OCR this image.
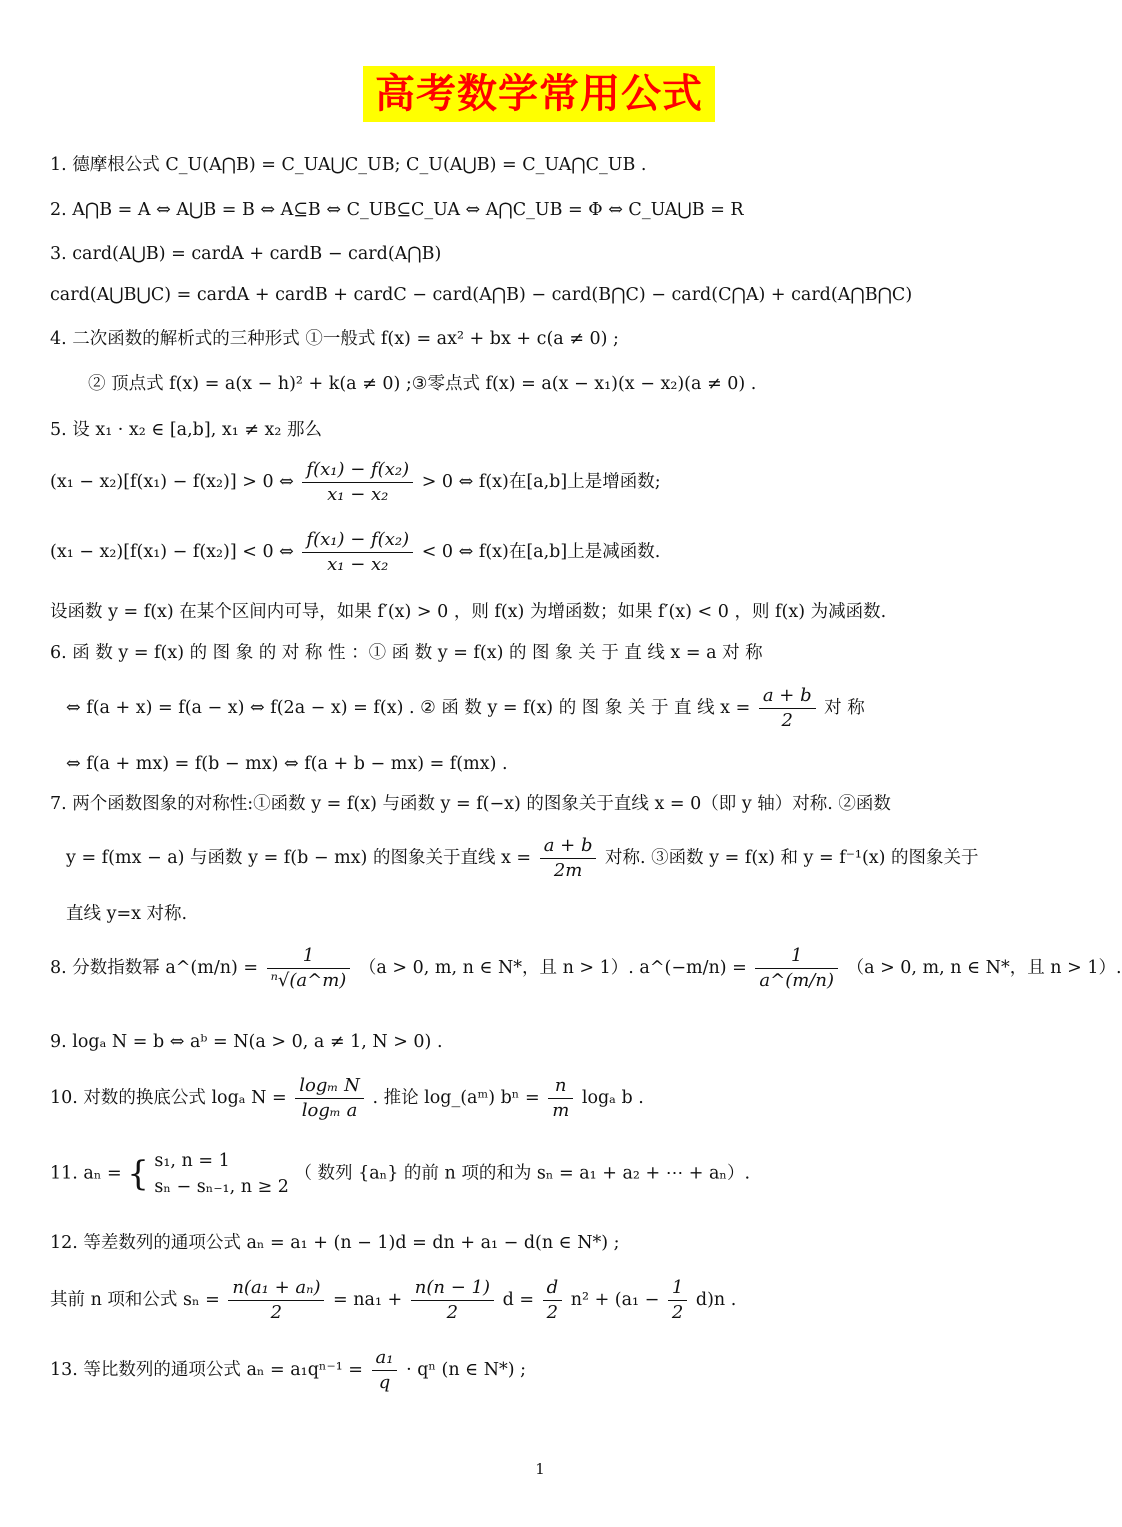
高考数学常用公式
1. 德摩根公式 C_U(A⋂B) = C_UA⋃C_UB; C_U(A⋃B) = C_UA⋂C_UB .
2. A⋂B = A ⇔ A⋃B = B ⇔ A⊆B ⇔ C_UB⊆C_UA ⇔ A⋂C_UB = Φ ⇔ C_UA⋃B = R
3. card(A⋃B) = cardA + cardB − card(A⋂B)
card(A⋃B⋃C) = cardA + cardB + cardC − card(A⋂B) − card(B⋂C) − card(C⋂A) + card(A⋂B⋂C)
4. 二次函数的解析式的三种形式 ①一般式 f(x) = ax² + bx + c(a ≠ 0) ;
② 顶点式 f(x) = a(x − h)² + k(a ≠ 0) ;③零点式 f(x) = a(x − x₁)(x − x₂)(a ≠ 0) .
5. 设 x₁ · x₂ ∈ [a,b], x₁ ≠ x₂ 那么
(x₁ − x₂)[f(x₁) − f(x₂)] > 0 ⇔ $\frac{\text{f(x₁) − f(x₂)}}{\text{x₁ − x₂}} > 0$ ⇔ f(x)在[a,b]上是增函数;
(x₁ − x₂)[f(x₁) − f(x₂)] < 0 ⇔ $\frac{\text{f(x₁) − f(x₂)}}{\text{x₁ − x₂}} < 0$ ⇔ f(x)在[a,b]上是减函数.
设函数 y = f(x) 在某个区间内可导，如果 f′(x) > 0 ，则 f(x) 为增函数；如果 f′(x) < 0 ，则 f(x) 为减函数.
6. 函 数 y = f(x) 的 图 象 的 对 称 性 ：① 函 数 y = f(x) 的 图 象 关 于 直 线 x = a 对 称
⇔ f(a + x) = f(a − x) ⇔ f(2a − x) = f(x) . ② 函 数 y = f(x) 的 图 象 关 于 直 线 $x = \frac{a + b}{2}$ 对 称
⇔ f(a + mx) = f(b − mx) ⇔ f(a + b − mx) = f(mx) .
7. 两个函数图象的对称性:①函数 y = f(x) 与函数 y = f(−x) 的图象关于直线 x = 0（即 y 轴）对称. ②函数
y = f(mx − a) 与函数 y = f(b − mx) 的图象关于直线 $x = \frac{a + b}{2m}$ 对称. ③函数 y = f(x) 和 y = f⁻¹(x) 的图象关于
直线 y=x 对称.
8. 分数指数幂 a^(m/n) = $\frac{1}{\text{ⁿ√(a\textasciicircum{}m)}} (a > 0$, m, n ∈ N*，且 n > 1）. a^(−m/n) = $\frac{1}{a\^{}(m/n)} (a > 0$, m, n ∈ N*，且 n > 1）.
9. logₐ N = b ⇔ aᵇ = N(a > 0, a ≠ 1, N > 0) .
10. 对数的换底公式 logₐ $N = \frac{\text{logₘ N}}{\text{logₘ a}}$ . 推论 log_(aᵐ) $b^n = \frac{n}{m}$ logₐ b .
11. aₙ = { s₁, n = 1
sₙ − sₙ₋₁, n ≥ 2
（ 数列 {aₙ} 的前 n 项的和为 sₙ = a₁ + a₂ + ⋯ + aₙ）.
12. 等差数列的通项公式 aₙ = a₁ + (n − 1)d = dn + a₁ − d(n ∈ N*) ;
其前 n 项和公式 $s_n = \frac{\text{n(a₁ + aₙ)}}{2} = na_1 + \frac{n(n - 1)}{2}$ $d = \frac{d}{2} n^2 + (a_1 - \frac{1}{2} d)n$ .
13. 等比数列的通项公式 $a_n = a_1q^{n-1} = \frac{\text{a₁}}{q} \cdot q^n$ (n ∈ N*) ;
1
